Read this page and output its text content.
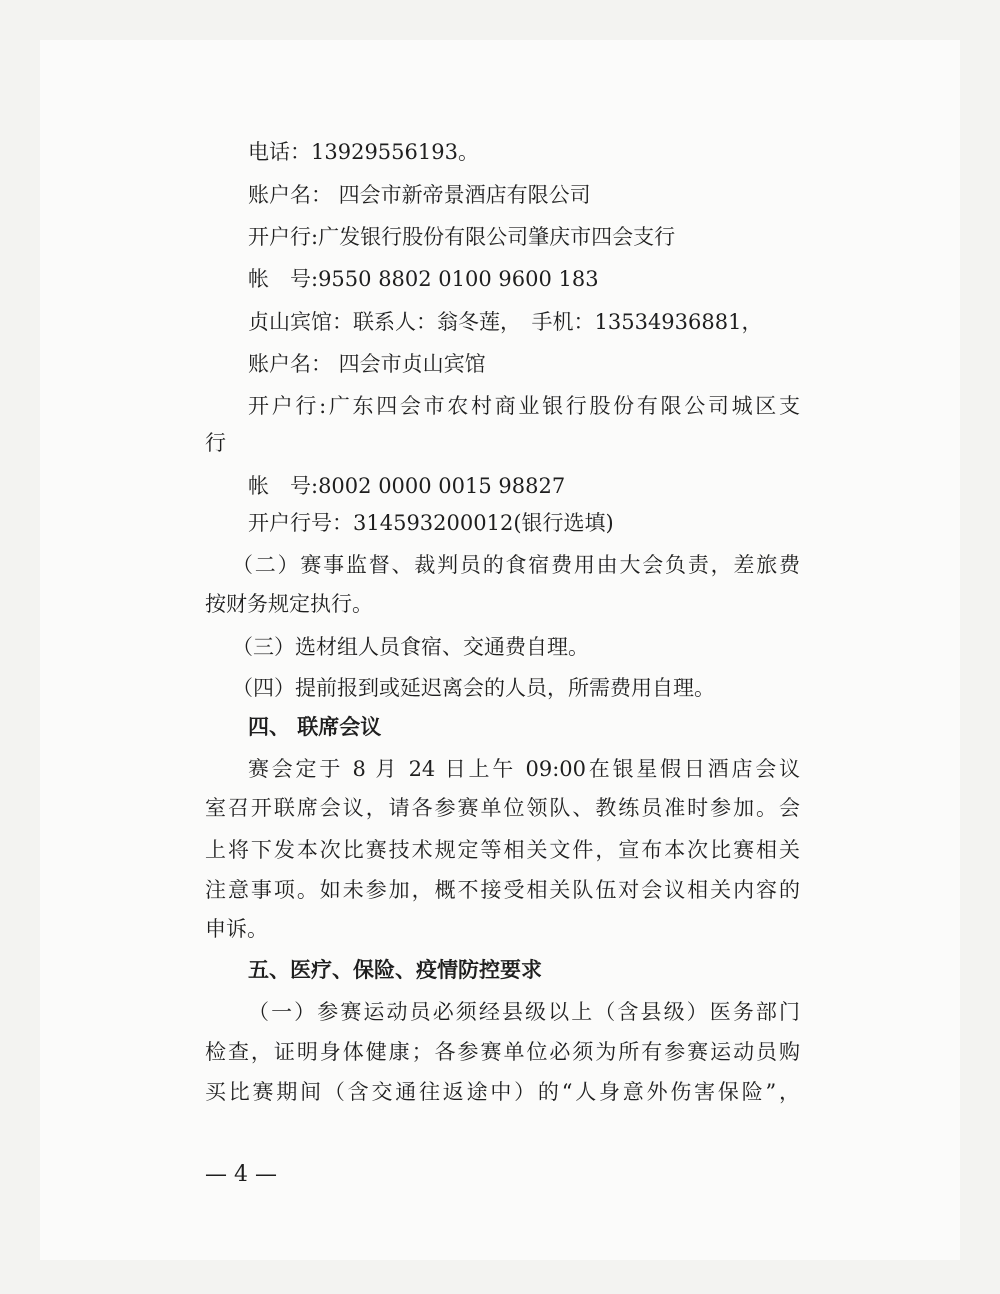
电话：13929556193。
账户名： 四会市新帝景酒店有限公司
开户行:广发银行股份有限公司肇庆市四会支行
帐　号:9550 8802 0100 9600 183
贞山宾馆：联系人：翁冬莲，　手机：13534936881，
账户名： 四会市贞山宾馆
开户行:广东四会市农村商业银行股份有限公司城区支
行
帐　号:8002 0000 0015 98827
开户行号：314593200012(银行选填)
（二）赛事监督、裁判员的食宿费用由大会负责，差旅费
按财务规定执行。
（三）选材组人员食宿、交通费自理。
（四）提前报到或延迟离会的人员，所需费用自理。
四、 联席会议
赛会定于 8 月 24 日上午 09:00在银星假日酒店会议
室召开联席会议，请各参赛单位领队、教练员准时参加。会
上将下发本次比赛技术规定等相关文件，宣布本次比赛相关
注意事项。如未参加，概不接受相关队伍对会议相关内容的
申诉。
五、医疗、保险、疫情防控要求
（一）参赛运动员必须经县级以上（含县级）医务部门
检查，证明身体健康；各参赛单位必须为所有参赛运动员购
买比赛期间（含交通往返途中）的“人身意外伤害保险”，
— 4 —
